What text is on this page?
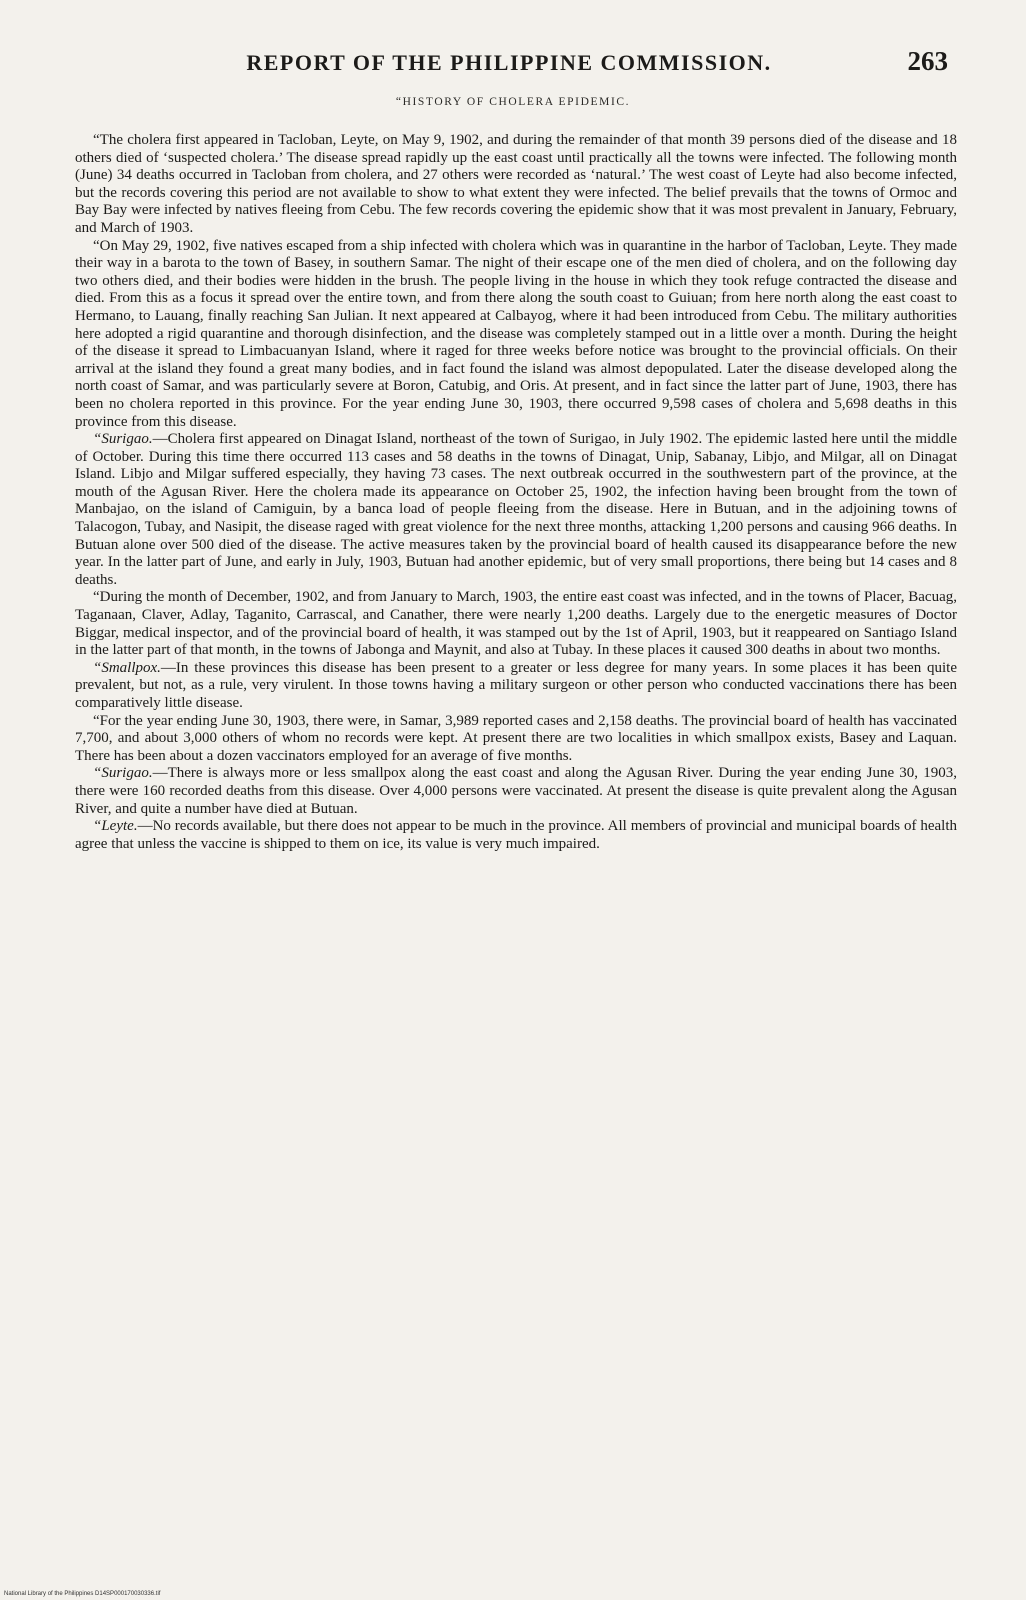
REPORT OF THE PHILIPPINE COMMISSION.	263
“HISTORY OF CHOLERA EPIDEMIC.

“The cholera first appeared in Tacloban, Leyte, on May 9, 1902, and during the remainder of that month 39 persons died of the disease and 18 others died of ‘suspected cholera.’ The disease spread rapidly up the east coast until practically all the towns were infected. The following month (June) 34 deaths occurred in Tacloban from cholera, and 27 others were recorded as ‘natural.’ The west coast of Leyte had also become infected, but the records covering this period are not available to show to what extent they were infected. The belief prevails that the towns of Ormoc and Bay Bay were infected by natives fleeing from Cebu. The few records covering the epidemic show that it was most prevalent in January, February, and March of 1903.

“On May 29, 1902, five natives escaped from a ship infected with cholera which was in quarantine in the harbor of Tacloban, Leyte. They made their way in a barota to the town of Basey, in southern Samar. The night of their escape one of the men died of cholera, and on the following day two others died, and their bodies were hidden in the brush. The people living in the house in which they took refuge contracted the disease and died. From this as a focus it spread over the entire town, and from there along the south coast to Guiuan; from here north along the east coast to Hermano, to Lauang, finally reaching San Julian. It next appeared at Calbayog, where it had been introduced from Cebu. The military authorities here adopted a rigid quarantine and thorough disinfection, and the disease was completely stamped out in a little over a month. During the height of the disease it spread to Limbacuanyan Island, where it raged for three weeks before notice was brought to the provincial officials. On their arrival at the island they found a great many bodies, and in fact found the island was almost depopulated. Later the disease developed along the north coast of Samar, and was particularly severe at Boron, Catubig, and Oris. At present, and in fact since the latter part of June, 1903, there has been no cholera reported in this province. For the year ending June 30, 1903, there occurred 9,598 cases of cholera and 5,698 deaths in this province from this disease.

“Surigao.—Cholera first appeared on Dinagat Island, northeast of the town of Surigao, in July 1902. The epidemic lasted here until the middle of October. During this time there occurred 113 cases and 58 deaths in the towns of Dinagat, Unip, Sabanay, Libjo, and Milgar, all on Dinagat Island. Libjo and Milgar suffered especially, they having 73 cases. The next outbreak occurred in the southwestern part of the province, at the mouth of the Agusan River. Here the cholera made its appearance on October 25, 1902, the infection having been brought from the town of Manbajao, on the island of Camiguin, by a banca load of people fleeing from the disease. Here in Butuan, and in the adjoining towns of Talacogon, Tubay, and Nasipit, the disease raged with great violence for the next three months, attacking 1,200 persons and causing 966 deaths. In Butuan alone over 500 died of the disease. The active measures taken by the provincial board of health caused its disappearance before the new year. In the latter part of June, and early in July, 1903, Butuan had another epidemic, but of very small proportions, there being but 14 cases and 8 deaths.

“During the month of December, 1902, and from January to March, 1903, the entire east coast was infected, and in the towns of Placer, Bacuag, Taganaan, Claver, Adlay, Taganito, Carrascal, and Canather, there were nearly 1,200 deaths. Largely due to the energetic measures of Doctor Biggar, medical inspector, and of the provincial board of health, it was stamped out by the 1st of April, 1903, but it reappeared on Santiago Island in the latter part of that month, in the towns of Jabonga and Maynit, and also at Tubay. In these places it caused 300 deaths in about two months.

“Smallpox.—In these provinces this disease has been present to a greater or less degree for many years. In some places it has been quite prevalent, but not, as a rule, very virulent. In those towns having a military surgeon or other person who conducted vaccinations there has been comparatively little disease.

“For the year ending June 30, 1903, there were, in Samar, 3,989 reported cases and 2,158 deaths. The provincial board of health has vaccinated 7,700, and about 3,000 others of whom no records were kept. At present there are two localities in which smallpox exists, Basey and Laquan. There has been about a dozen vaccinators employed for an average of five months.

“Surigao.—There is always more or less smallpox along the east coast and along the Agusan River. During the year ending June 30, 1903, there were 160 recorded deaths from this disease. Over 4,000 persons were vaccinated. At present the disease is quite prevalent along the Agusan River, and quite a number have died at Butuan.

“Leyte.—No records available, but there does not appear to be much in the province. All members of provincial and municipal boards of health agree that unless the vaccine is shipped to them on ice, its value is very much impaired.

National Library of the Philippines D14SP000170030336.tif
